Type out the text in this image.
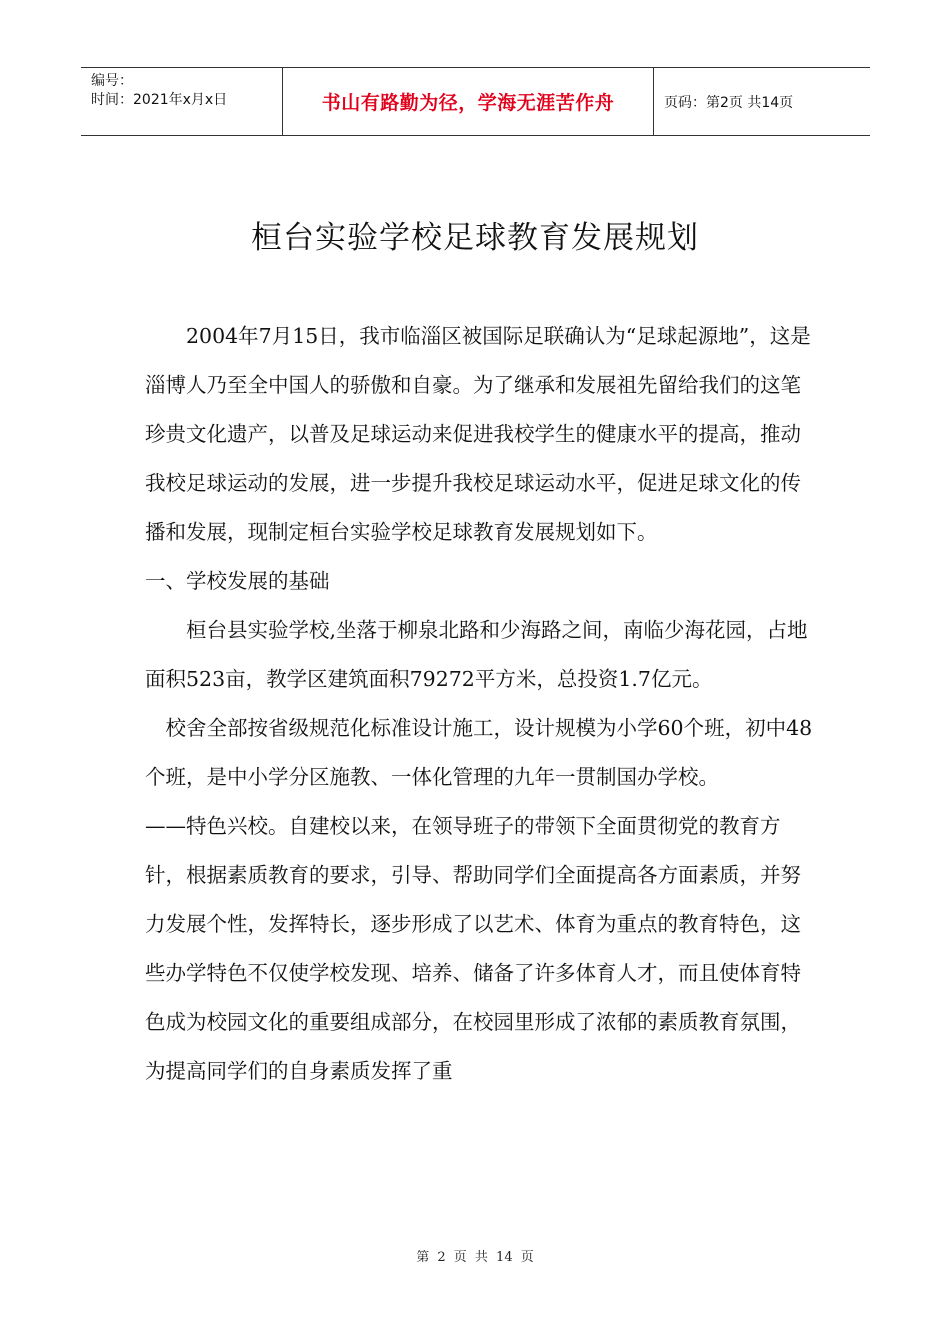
编号：
时间：2021年x月x日	书山有路勤为径，学海无涯苦作舟	页码：第2页 共14页
桓台实验学校足球教育发展规划

2004年7月15日，我市临淄区被国际足联确认为“足球起源地”，这是淄博人乃至全中国人的骄傲和自豪。为了继承和发展祖先留给我们的这笔珍贵文化遗产，以普及足球运动来促进我校学生的健康水平的提高，推动我校足球运动的发展，进一步提升我校足球运动水平，促进足球文化的传播和发展，现制定桓台实验学校足球教育发展规划如下。

一、学校发展的基础

桓台县实验学校,坐落于柳泉北路和少海路之间，南临少海花园，占地面积523亩，教学区建筑面积79272平方米，总投资1.7亿元。

校舍全部按省级规范化标准设计施工，设计规模为小学60个班，初中48个班，是中小学分区施教、一体化管理的九年一贯制国办学校。

——特色兴校。自建校以来，在领导班子的带领下全面贯彻党的教育方针，根据素质教育的要求，引导、帮助同学们全面提高各方面素质，并努力发展个性，发挥特长，逐步形成了以艺术、体育为重点的教育特色，这些办学特色不仅使学校发现、培养、储备了许多体育人才，而且使体育特色成为校园文化的重要组成部分，在校园里形成了浓郁的素质教育氛围，为提高同学们的自身素质发挥了重

第 2 页 共 14 页
